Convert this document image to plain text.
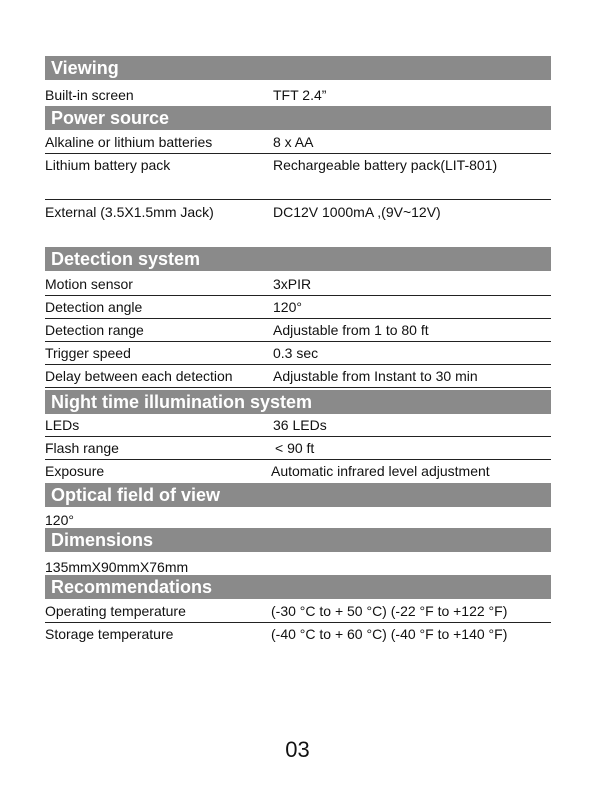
Viewing
Built-in screen	TFT 2.4”
Power source
Alkaline or lithium batteries	8 x AA
Lithium battery pack	Rechargeable battery pack(LIT-801)
External (3.5X1.5mm Jack)	DC12V 1000mA ,(9V~12V)
Detection system
Motion sensor	3xPIR
Detection angle	120°
Detection range	Adjustable from 1 to 80 ft
Trigger speed	0.3 sec
Delay between each detection	Adjustable from Instant to 30 min
Night time illumination system
LEDs	36 LEDs
Flash range	< 90 ft
Exposure	Automatic infrared level adjustment
Optical field of view
120°
Dimensions
135mmX90mmX76mm
Recommendations
Operating temperature	(-30 °C to + 50 °C) (-22 °F to +122 °F)
Storage temperature	(-40 °C to + 60 °C) (-40 °F to +140 °F)
03
